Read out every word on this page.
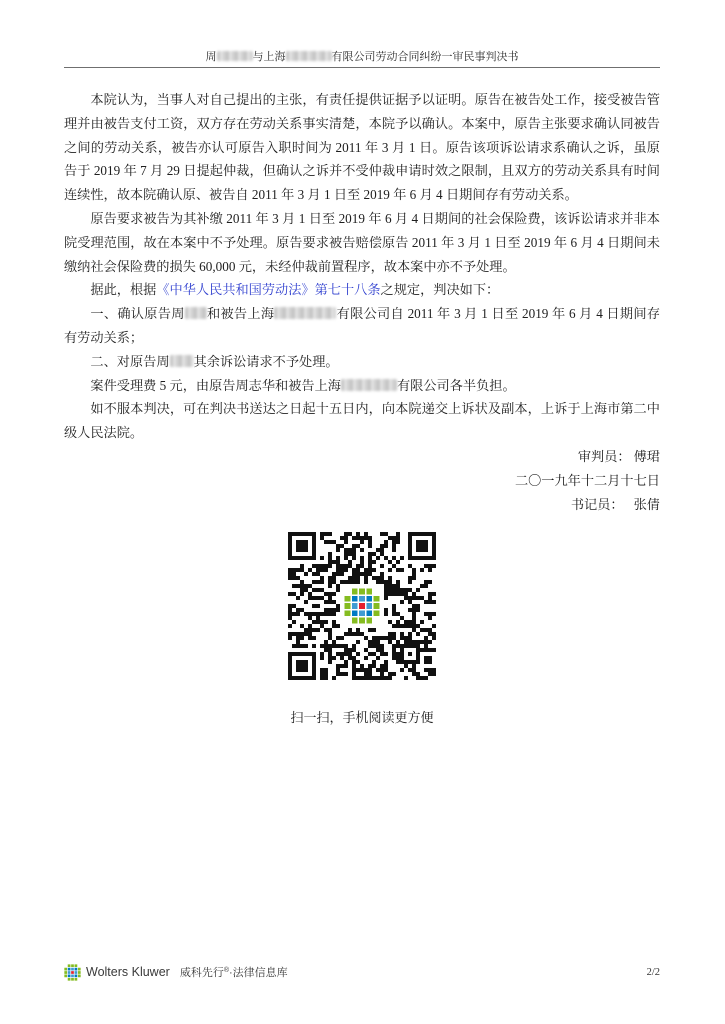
周	与上海	有限公司劳动合同纠纷一审民事判决书

本院认为，当事人对自己提出的主张，有责任提供证据予以证明。原告在被告处工作，接受被告管理并由被告支付工资，双方存在劳动关系事实清楚，本院予以确认。本案中，原告主张要求确认同被告之间的劳动关系，被告亦认可原告入职时间为 2011 年 3 月 1 日。原告该项诉讼请求系确认之诉，虽原告于 2019 年 7 月 29 日提起仲裁，但确认之诉并不受仲裁申请时效之限制，且双方的劳动关系具有时间连续性，故本院确认原、被告自 2011 年 3 月 1 日至 2019 年 6 月 4 日期间存有劳动关系。

原告要求被告为其补缴 2011 年 3 月 1 日至 2019 年 6 月 4 日期间的社会保险费，该诉讼请求并非本院受理范围，故在本案中不予处理。原告要求被告赔偿原告 2011 年 3 月 1 日至 2019 年 6 月 4 日期间未缴纳社会保险费的损失 60,000 元，未经仲裁前置程序，故本案中亦不予处理。

据此，根据《中华人民共和国劳动法》第七十八条之规定，判决如下：

一、确认原告周 和被告上海	有限公司自 2011 年 3 月 1 日至 2019 年 6 月 4 日期间存有劳动关系；

二、对原告周 其余诉讼请求不予处理。

案件受理费 5 元，由原告周志华和被告上海	有限公司各半负担。

如不服本判决，可在判决书送达之日起十五日内，向本院递交上诉状及副本，上诉于上海市第二中级人民法院。

审判员： 傅珺

二〇一九年十二月十七日

书记员： 张倩

扫一扫，手机阅读更方便
Wolters Kluwer 威科先行®·法律信息库	2/2
